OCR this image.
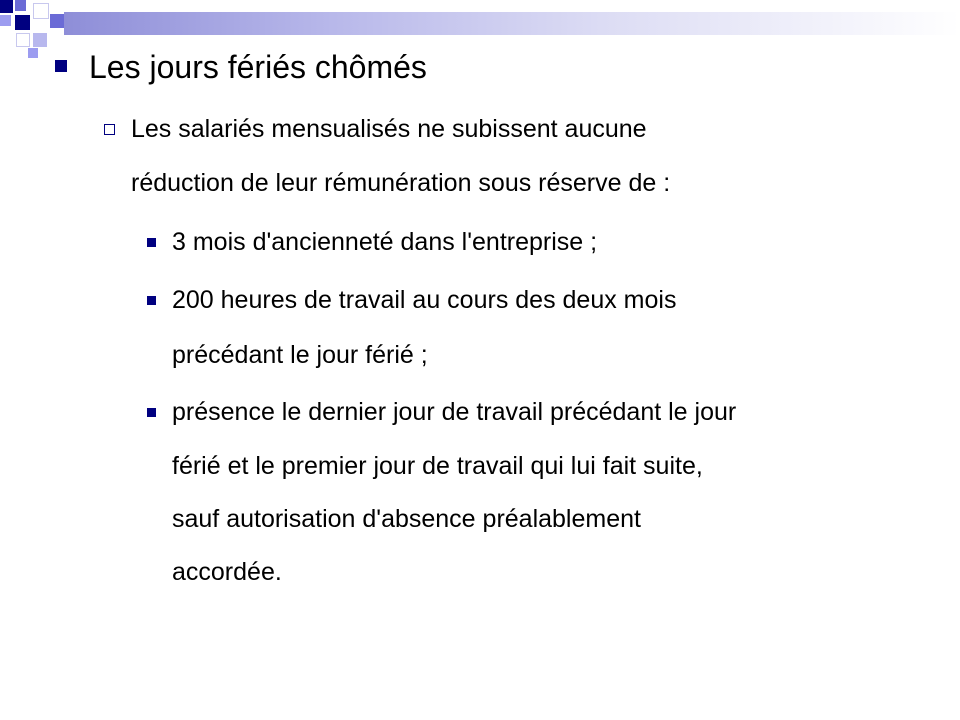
Les jours fériés chômés
Les salariés mensualisés ne subissent aucune
réduction de leur rémunération sous réserve de :
3 mois d'ancienneté dans l'entreprise ;
200 heures de travail au cours des deux mois
précédant le jour férié ;
présence le dernier jour de travail précédant le jour
férié et le premier jour de travail qui lui fait suite,
sauf autorisation d'absence préalablement
accordée.
